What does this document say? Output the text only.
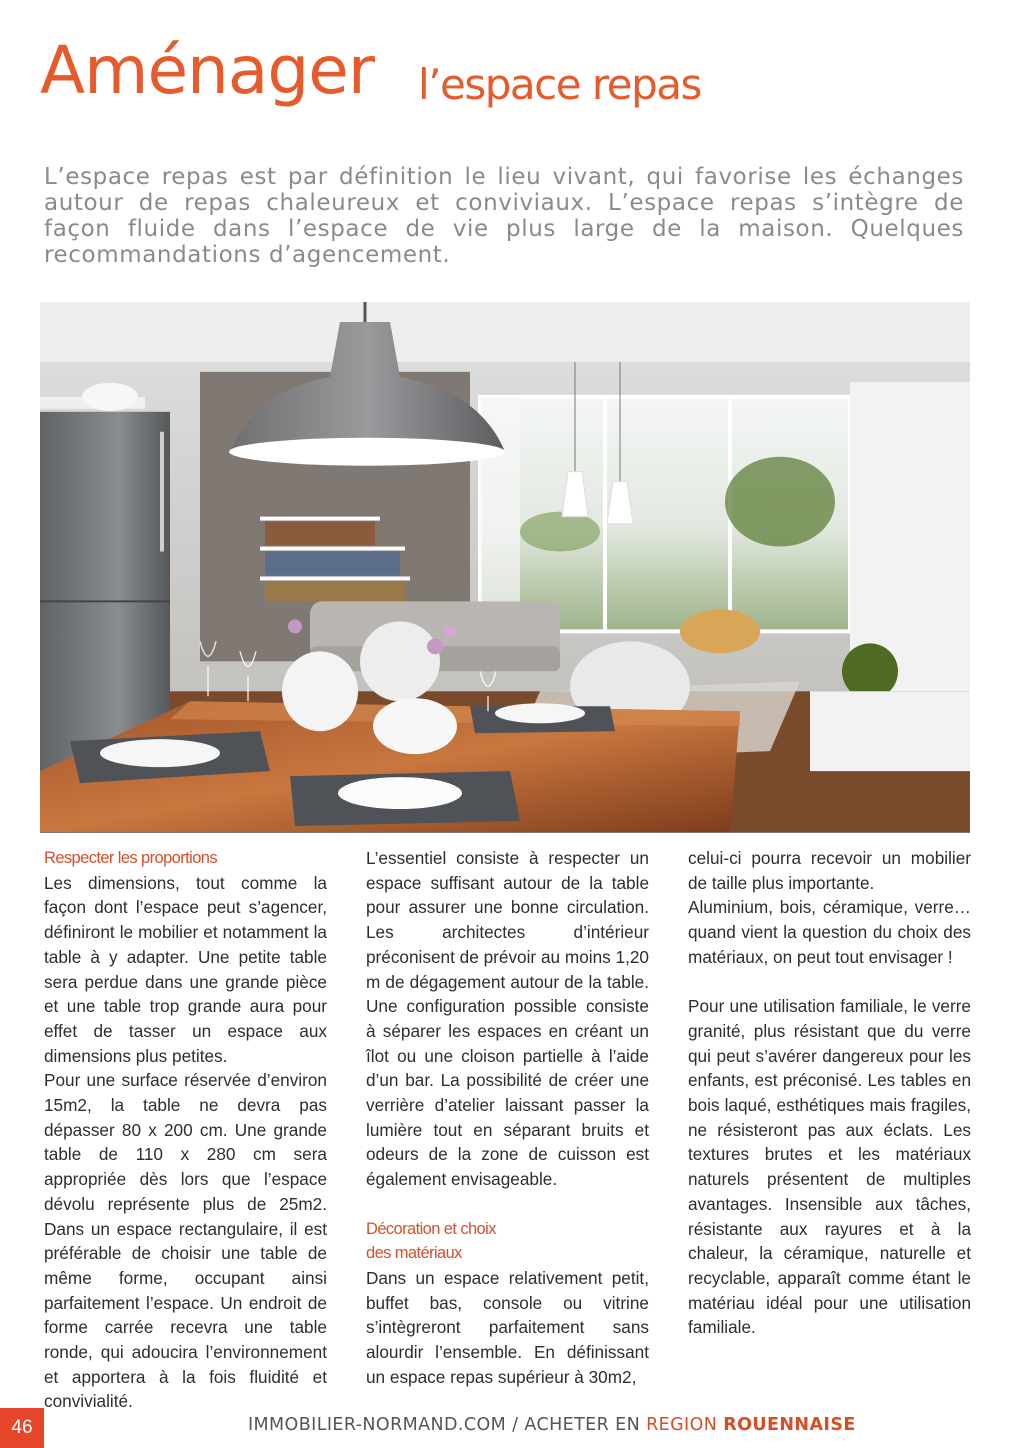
Aménager l’espace repas

L’espace repas est par définition le lieu vivant, qui favorise les échanges autour de repas chaleureux et conviviaux. L’espace repas s’intègre de façon fluide dans l’espace de vie plus large de la maison. Quelques recommandations d’agencement.

Respecter les proportions

Les dimensions, tout comme la façon dont l’espace peut s’agencer, définiront le mobilier et notamment la table à y adapter. Une petite table sera perdue dans une grande pièce et une table trop grande aura pour effet de tasser un espace aux dimensions plus petites.

Pour une surface réservée d’environ 15m2, la table ne devra pas dépasser 80 x 200 cm. Une grande table de 110 x 280 cm sera appropriée dès lors que l’espace dévolu représente plus de 25m2. Dans un espace rectangulaire, il est préférable de choisir une table de même forme, occupant ainsi parfaitement l’espace. Un endroit de forme carrée recevra une table ronde, qui adoucira l’environnement et apportera à la fois fluidité et convivialité.

L’essentiel consiste à respecter un espace suffisant autour de la table pour assurer une bonne circulation. Les architectes d’intérieur préconisent de prévoir au moins 1,20 m de dégagement autour de la table. Une configuration possible consiste à séparer les espaces en créant un îlot ou une cloison partielle à l’aide d’un bar. La possibilité de créer une verrière d’atelier laissant passer la lumière tout en séparant bruits et odeurs de la zone de cuisson est également envisageable.

Décoration et choix
des matériaux

Dans un espace relativement petit, buffet bas, console ou vitrine s’intègreront parfaitement sans alourdir l’ensemble. En définissant un espace repas supérieur à 30m2,

celui-ci pourra recevoir un mobilier de taille plus importante.

Aluminium, bois, céramique, verre… quand vient la question du choix des matériaux, on peut tout envisager !

Pour une utilisation familiale, le verre granité, plus résistant que du verre qui peut s’avérer dangereux pour les enfants, est préconisé. Les tables en bois laqué, esthétiques mais fragiles, ne résisteront pas aux éclats. Les textures brutes et les matériaux naturels présentent de multiples avantages. Insensible aux tâches, résistante aux rayures et à la chaleur, la céramique, naturelle et recyclable, apparaît comme étant le matériau idéal pour une utilisation familiale.

46	IMMOBILIER-NORMAND.COM / ACHETER EN REGION ROUENNAISE
